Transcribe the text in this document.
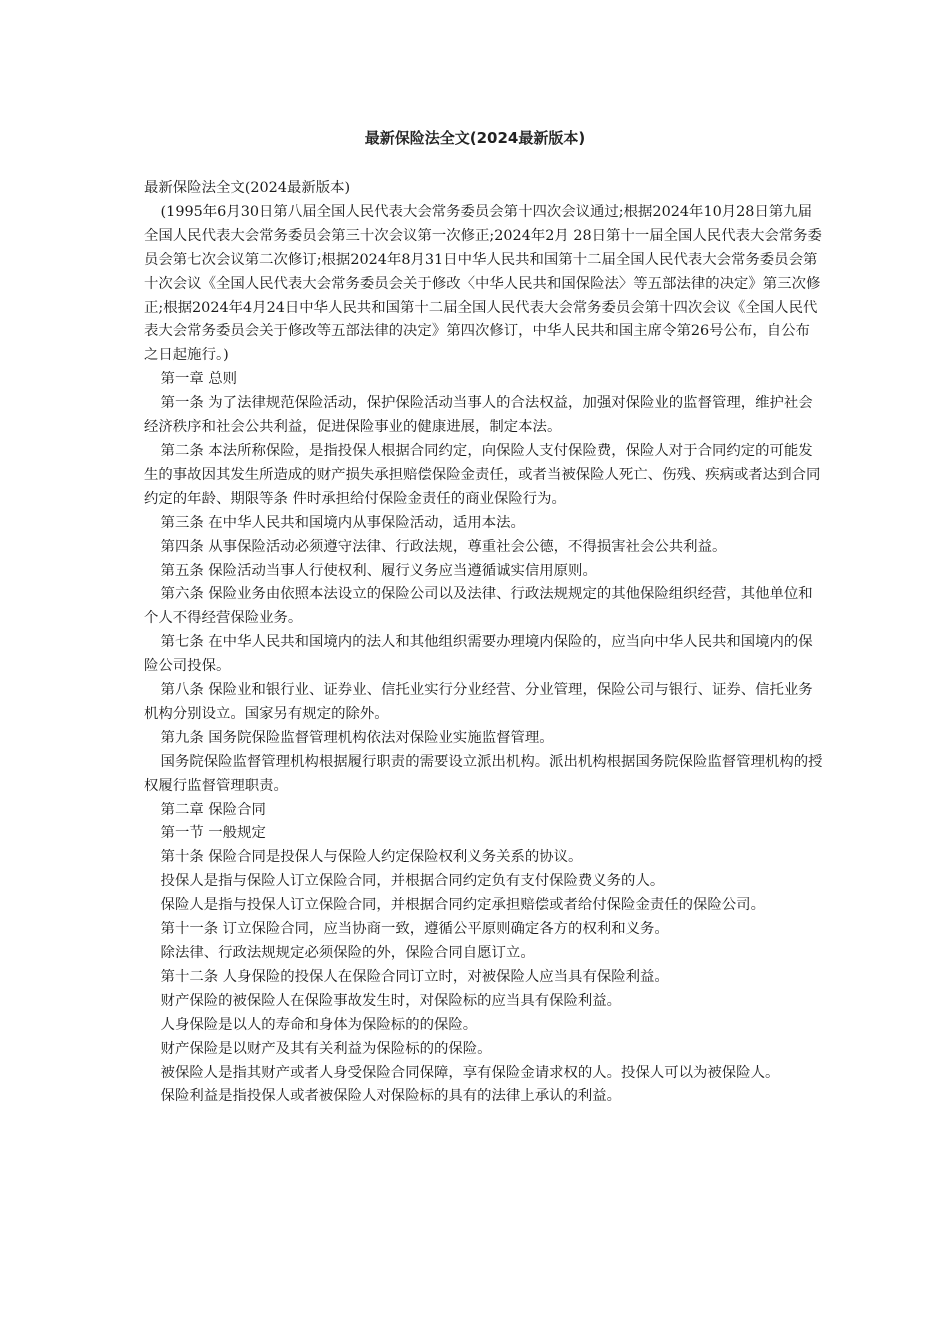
最新保险法全文(2024最新版本)

最新保险法全文(2024最新版本)

(1995年6月30日第八届全国人民代表大会常务委员会第十四次会议通过;根据2024年10月28日第九届全国人民代表大会常务委员会第三十次会议第一次修正;2024年2月 28日第十一届全国人民代表大会常务委员会第七次会议第二次修订;根据2024年8月31日中华人民共和国第十二届全国人民代表大会常务委员会第十次会议《全国人民代表大会常务委员会关于修改〈中华人民共和国保险法〉等五部法律的决定》第三次修正;根据2024年4月24日中华人民共和国第十二届全国人民代表大会常务委员会第十四次会议《全国人民代表大会常务委员会关于修改等五部法律的决定》第四次修订，中华人民共和国主席令第26号公布，自公布之日起施行。)

第一章 总则

第一条 为了法律规范保险活动，保护保险活动当事人的合法权益，加强对保险业的监督管理，维护社会经济秩序和社会公共利益，促进保险事业的健康进展，制定本法。

第二条 本法所称保险，是指投保人根据合同约定，向保险人支付保险费，保险人对于合同约定的可能发生的事故因其发生所造成的财产损失承担赔偿保险金责任，或者当被保险人死亡、伤残、疾病或者达到合同约定的年龄、期限等条 件时承担给付保险金责任的商业保险行为。

第三条 在中华人民共和国境内从事保险活动，适用本法。

第四条 从事保险活动必须遵守法律、行政法规，尊重社会公德，不得损害社会公共利益。

第五条 保险活动当事人行使权利、履行义务应当遵循诚实信用原则。

第六条 保险业务由依照本法设立的保险公司以及法律、行政法规规定的其他保险组织经营，其他单位和个人不得经营保险业务。

第七条 在中华人民共和国境内的法人和其他组织需要办理境内保险的，应当向中华人民共和国境内的保险公司投保。

第八条 保险业和银行业、证券业、信托业实行分业经营、分业管理，保险公司与银行、证券、信托业务机构分别设立。国家另有规定的除外。

第九条 国务院保险监督管理机构依法对保险业实施监督管理。

国务院保险监督管理机构根据履行职责的需要设立派出机构。派出机构根据国务院保险监督管理机构的授权履行监督管理职责。

第二章 保险合同

第一节 一般规定

第十条 保险合同是投保人与保险人约定保险权利义务关系的协议。

投保人是指与保险人订立保险合同，并根据合同约定负有支付保险费义务的人。

保险人是指与投保人订立保险合同，并根据合同约定承担赔偿或者给付保险金责任的保险公司。

第十一条 订立保险合同，应当协商一致，遵循公平原则确定各方的权利和义务。

除法律、行政法规规定必须保险的外，保险合同自愿订立。

第十二条 人身保险的投保人在保险合同订立时，对被保险人应当具有保险利益。

财产保险的被保险人在保险事故发生时，对保险标的应当具有保险利益。

人身保险是以人的寿命和身体为保险标的的保险。

财产保险是以财产及其有关利益为保险标的的保险。

被保险人是指其财产或者人身受保险合同保障，享有保险金请求权的人。投保人可以为被保险人。

保险利益是指投保人或者被保险人对保险标的具有的法律上承认的利益。
